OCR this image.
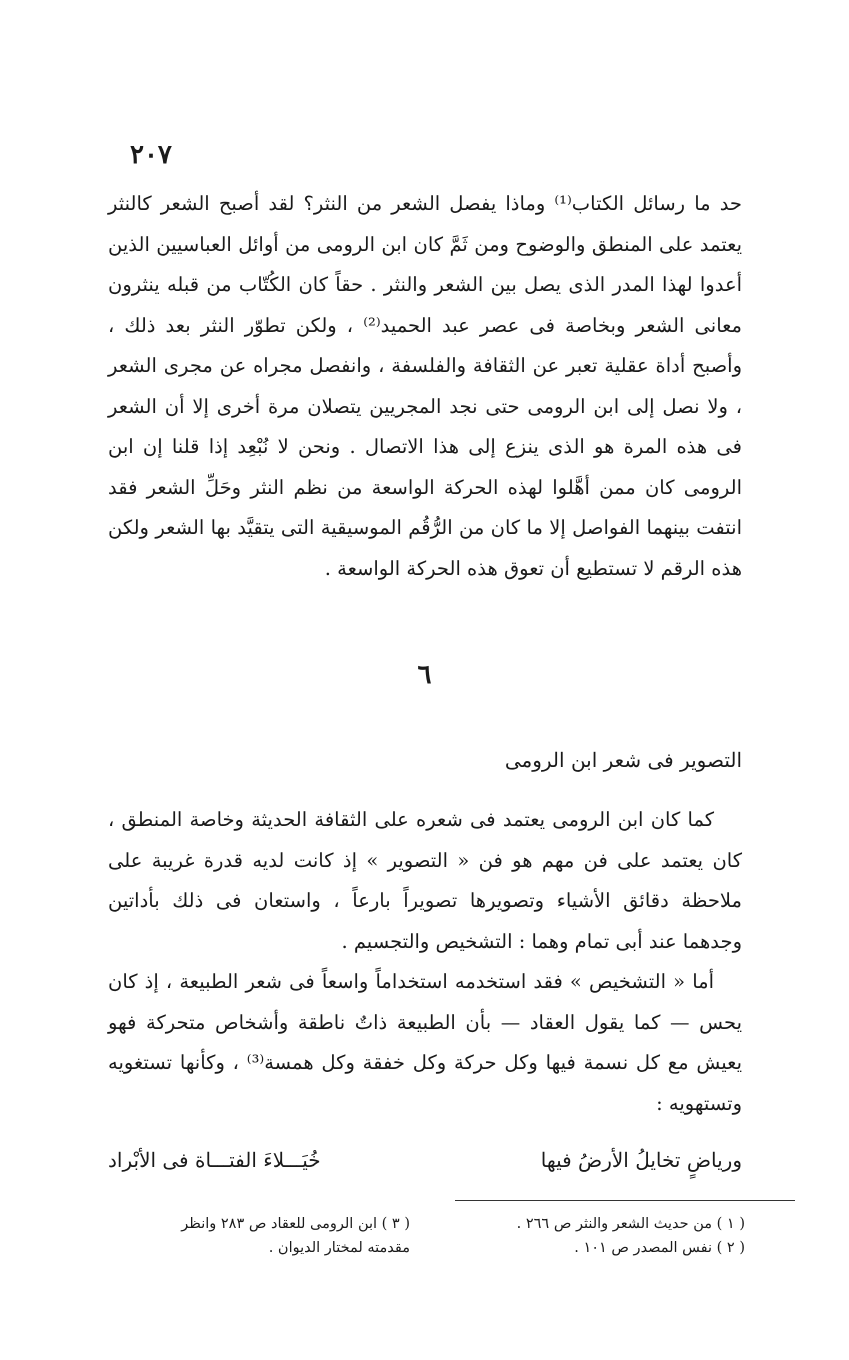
٢٠٧

حد ما رسائل الكتاب⁽¹⁾ وماذا يفصل الشعر من النثر؟ لقد أصبح الشعر كالنثر يعتمد على المنطق والوضوح ومن ثَمَّ كان ابن الرومى من أوائل العباسيين الذين أعدوا لهذا المدر الذى يصل بين الشعر والنثر . حقاً كان الكُتّاب من قبله ينثرون معانى الشعر وبخاصة فى عصر عبد الحميد⁽²⁾ ، ولكن تطوّر النثر بعد ذلك ، وأصبح أداة عقلية تعبر عن الثقافة والفلسفة ، وانفصل مجراه عن مجرى الشعر ، ولا نصل إلى ابن الرومى حتى نجد المجريين يتصلان مرة أخرى إلا أن الشعر فى هذه المرة هو الذى ينزع إلى هذا الاتصال . ونحن لا نُبْعِد إذا قلنا إن ابن الرومى كان ممن أهَّلوا لهذه الحركة الواسعة من نظم النثر وحَلِّ الشعر فقد انتفت بينهما الفواصل إلا ما كان من الرُّقُم الموسيقية التى يتقيَّد بها الشعر ولكن هذه الرقم لا تستطيع أن تعوق هذه الحركة الواسعة .

٦
التصوير فى شعر ابن الرومى

كما كان ابن الرومى يعتمد فى شعره على الثقافة الحديثة وخاصة المنطق ، كان يعتمد على فن مهم هو فن « التصوير » إذ كانت لديه قدرة غريبة على ملاحظة دقائق الأشياء وتصويرها تصويراً بارعاً ، واستعان فى ذلك بأداتين وجدهما عند أبى تمام وهما : التشخيص والتجسيم .

أما « التشخيص » فقد استخدمه استخداماً واسعاً فى شعر الطبيعة ، إذ كان يحس — كما يقول العقاد — بأن الطبيعة ذاتٌ ناطقة وأشخاص متحركة فهو يعيش مع كل نسمة فيها وكل حركة وكل خفقة وكل همسة⁽³⁾ ، وكأنها تستغويه وتستهويه :

ورياضٍ تخايلُ الأرضُ فيها
خُيَـــلاءَ الفتـــاة فى الأبْراد
( ١ ) من حديث الشعر والنثر ص ٢٦٦ .
( ٢ ) نفس المصدر ص ١٠١ .
( ٣ ) ابن الرومى للعقاد ص ٢٨٣ وانظر
مقدمته لمختار الديوان .
